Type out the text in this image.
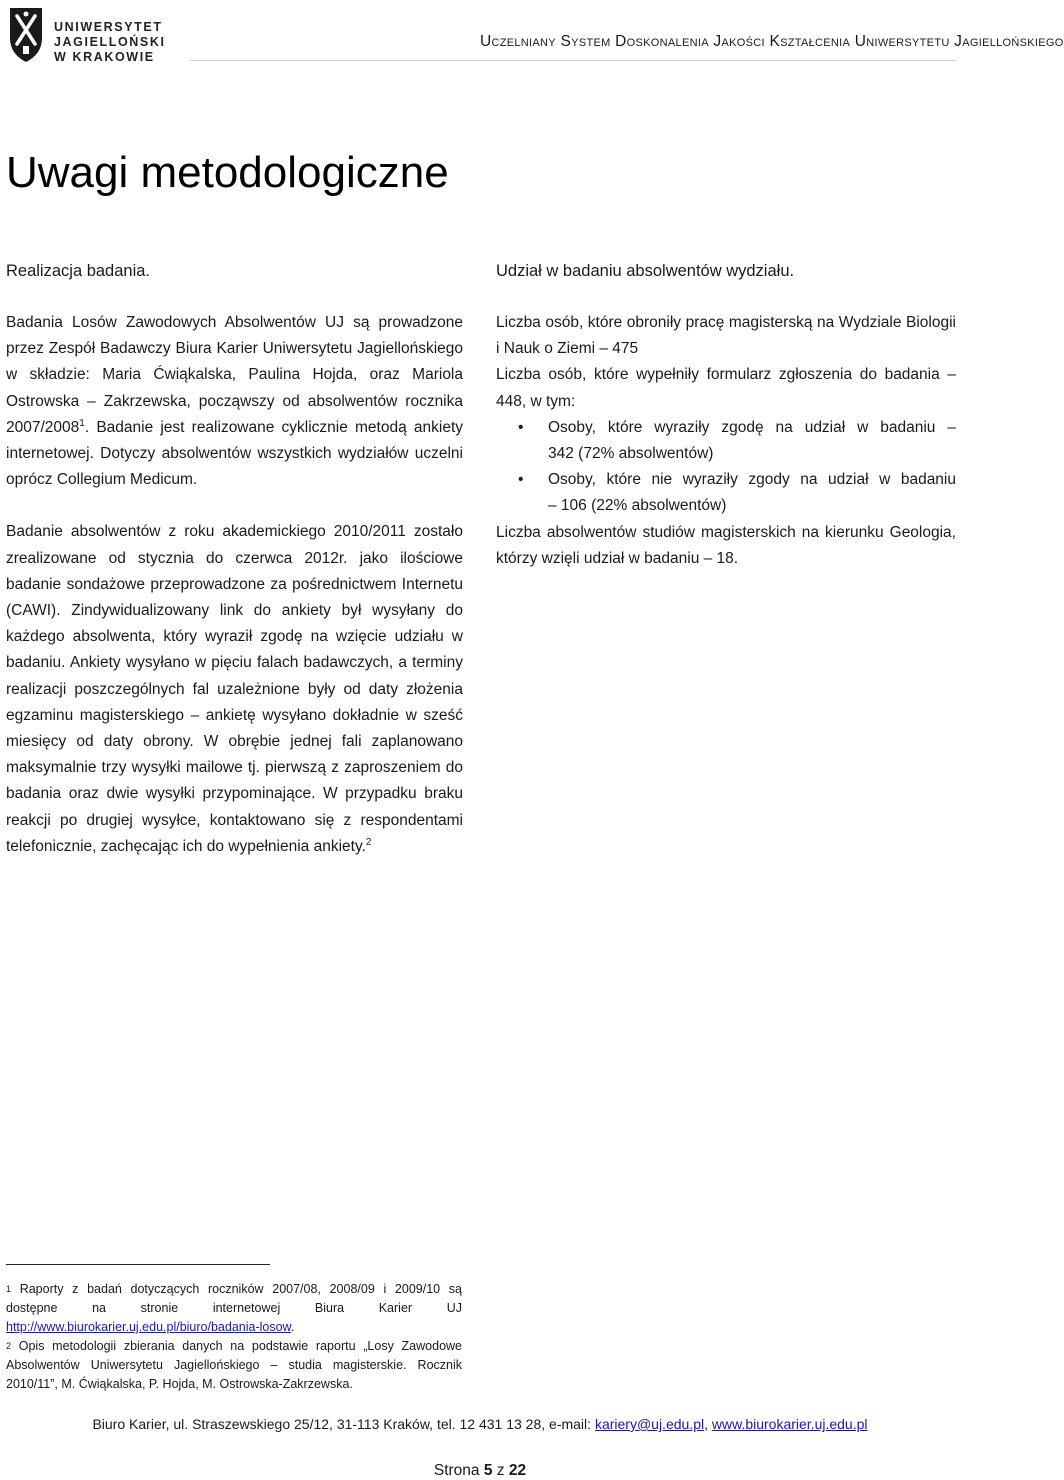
UNIWERSYTET
JAGIELLOŃSKI
W KRAKOWIE
Uczelniany System Doskonalenia Jakości Kształcenia Uniwersytetu Jagiellońskiego
Uwagi metodologiczne

Realizacja badania.

Badania Losów Zawodowych Absolwentów UJ są prowadzone przez Zespół Badawczy Biura Karier Uniwersytetu Jagiellońskiego w składzie: Maria Ćwiąkalska, Paulina Hojda, oraz Mariola Ostrowska – Zakrzewska, począwszy od absolwentów rocznika 2007/2008$^1$. Badanie jest realizowane cyklicznie metodą ankiety internetowej. Dotyczy absolwentów wszystkich wydziałów uczelni oprócz Collegium Medicum.

Badanie absolwentów z roku akademickiego 2010/2011 zostało zrealizowane od stycznia do czerwca 2012r. jako ilościowe badanie sondażowe przeprowadzone za pośrednictwem Internetu (CAWI). Zindywidualizowany link do ankiety był wysyłany do każdego absolwenta, który wyraził zgodę na wzięcie udziału w badaniu. Ankiety wysyłano w pięciu falach badawczych, a terminy realizacji poszczególnych fal uzależnione były od daty złożenia egzaminu magisterskiego – ankietę wysyłano dokładnie w sześć miesięcy od daty obrony. W obrębie jednej fali zaplanowano maksymalnie trzy wysyłki mailowe tj. pierwszą z zaproszeniem do badania oraz dwie wysyłki przypominające. W przypadku braku reakcji po drugiej wysyłce, kontaktowano się z respondentami telefonicznie, zachęcając ich do wypełnienia ankiety.$^2$

Udział w badaniu absolwentów wydziału.

Liczba osób, które obroniły pracę magisterską na Wydziale Biologii i Nauk o Ziemi – 475

Liczba osób, które wypełniły formularz zgłoszenia do badania – 448, w tym:

• Osoby, które wyraziły zgodę na udział w badaniu –
342 (72% absolwentów)
• Osoby, które nie wyraziły zgody na udział w badaniu
– 106 (22% absolwentów)

Liczba absolwentów studiów magisterskich na kierunku Geologia, którzy wzięli udział w badaniu – 18.

$^1$ Raporty z badań dotyczących roczników 2007/08, 2008/09 i 2009/10 są dostępne na stronie internetowej Biura Karier UJ http://www.biurokarier.uj.edu.pl/biuro/badania-losow.

$^2$ Opis metodologii zbierania danych na podstawie raportu „Losy Zawodowe Absolwentów Uniwersytetu Jagiellońskiego – studia magisterskie. Rocznik 2010/11”, M. Ćwiąkalska, P. Hojda, M. Ostrowska-Zakrzewska.

Biuro Karier, ul. Straszewskiego 25/12, 31-113 Kraków, tel. 12 431 13 28, e-mail: kariery@uj.edu.pl, www.biurokarier.uj.edu.pl
Strona 5 z 22
